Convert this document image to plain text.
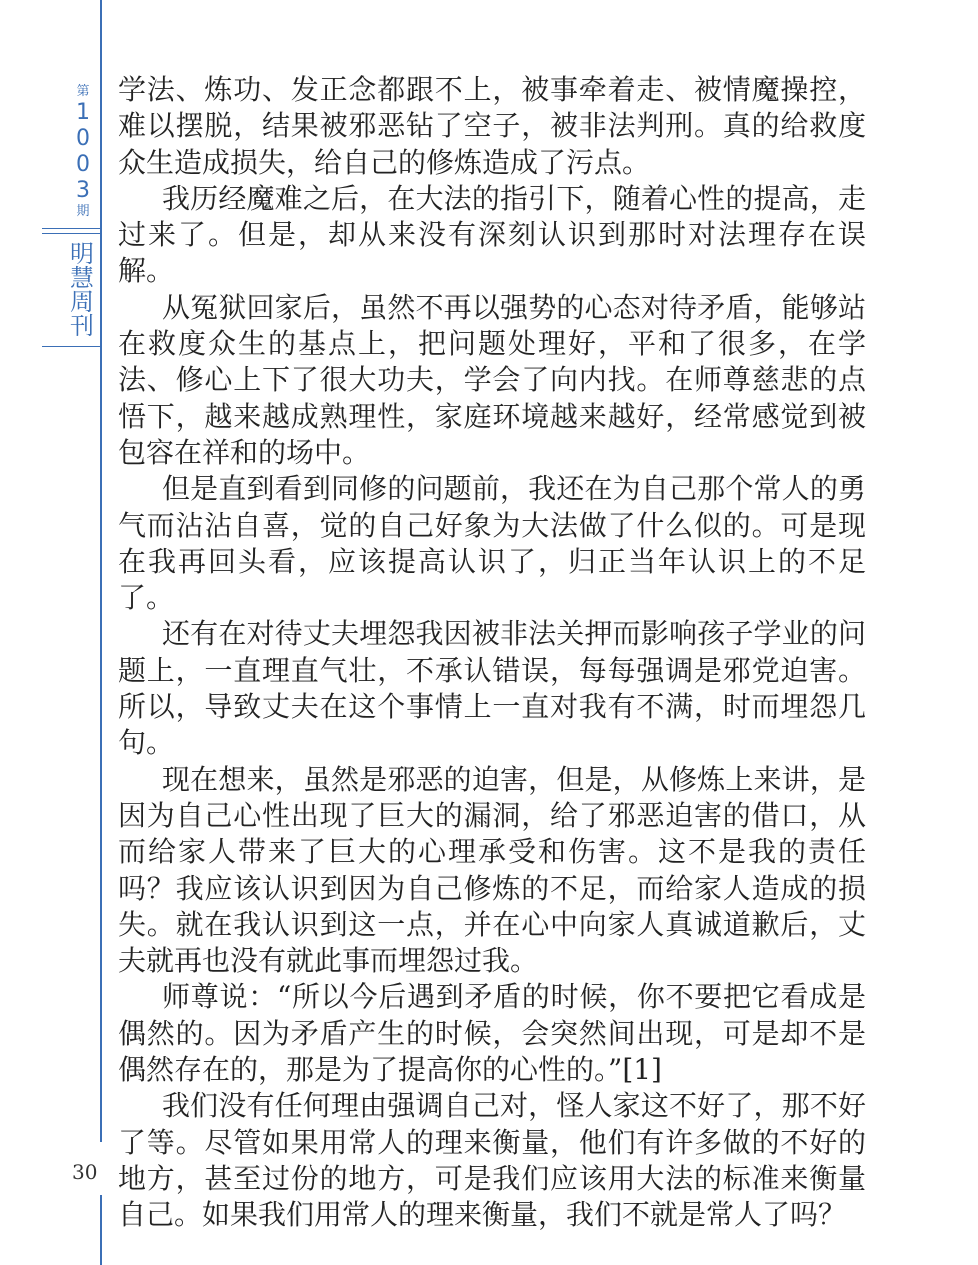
第
1
0
0
3
期
明
慧
周
刊
30

学法、炼功、发正念都跟不上，被事牵着走、被情魔操控，难以摆脱，结果被邪恶钻了空子，被非法判刑。真的给救度众生造成损失，给自己的修炼造成了污点。

我历经魔难之后，在大法的指引下，随着心性的提高，走过来了。但是，却从来没有深刻认识到那时对法理存在误解。

从冤狱回家后，虽然不再以强势的心态对待矛盾，能够站在救度众生的基点上，把问题处理好，平和了很多，在学法、修心上下了很大功夫，学会了向内找。在师尊慈悲的点悟下，越来越成熟理性，家庭环境越来越好，经常感觉到被包容在祥和的场中。

但是直到看到同修的问题前，我还在为自己那个常人的勇气而沾沾自喜，觉的自己好象为大法做了什么似的。可是现在我再回头看，应该提高认识了，归正当年认识上的不足了。

还有在对待丈夫埋怨我因被非法关押而影响孩子学业的问题上，一直理直气壮，不承认错误，每每强调是邪党迫害。所以，导致丈夫在这个事情上一直对我有不满，时而埋怨几句。

现在想来，虽然是邪恶的迫害，但是，从修炼上来讲，是因为自己心性出现了巨大的漏洞，给了邪恶迫害的借口，从而给家人带来了巨大的心理承受和伤害。这不是我的责任吗？我应该认识到因为自己修炼的不足，而给家人造成的损失。就在我认识到这一点，并在心中向家人真诚道歉后，丈夫就再也没有就此事而埋怨过我。

师尊说：“所以今后遇到矛盾的时候，你不要把它看成是偶然的。因为矛盾产生的时候，会突然间出现，可是却不是偶然存在的，那是为了提高你的心性的。”[1]

我们没有任何理由强调自己对，怪人家这不好了，那不好了等。尽管如果用常人的理来衡量，他们有许多做的不好的地方，甚至过份的地方，可是我们应该用大法的标准来衡量自己。如果我们用常人的理来衡量，我们不就是常人了吗？
